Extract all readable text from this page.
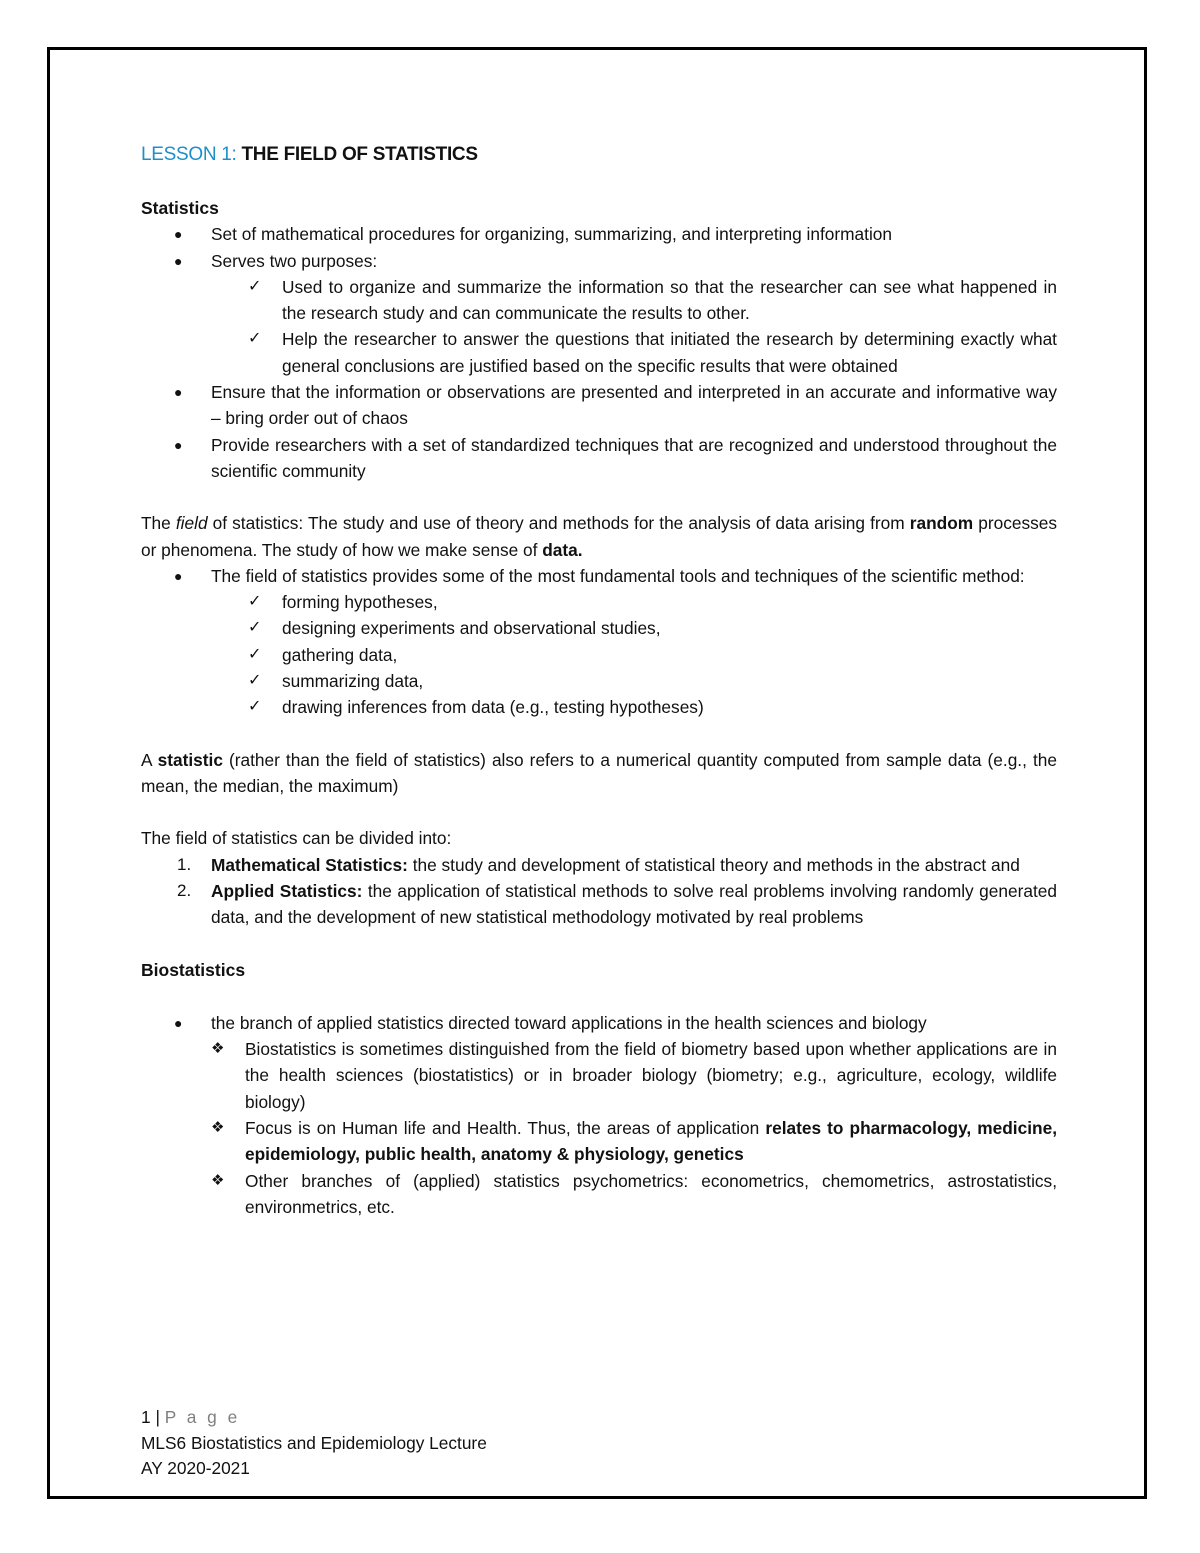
LESSON 1: THE FIELD OF STATISTICS
Statistics
● Set of mathematical procedures for organizing, summarizing, and interpreting information
● Serves two purposes:
✓ Used to organize and summarize the information so that the researcher can see what happened in the research study and can communicate the results to other.
✓ Help the researcher to answer the questions that initiated the research by determining exactly what general conclusions are justified based on the specific results that were obtained
● Ensure that the information or observations are presented and interpreted in an accurate and informative way – bring order out of chaos
● Provide researchers with a set of standardized techniques that are recognized and understood throughout the scientific community

The field of statistics: The study and use of theory and methods for the analysis of data arising from random processes or phenomena. The study of how we make sense of data.

● The field of statistics provides some of the most fundamental tools and techniques of the scientific method:
✓ forming hypotheses,
✓ designing experiments and observational studies,
✓ gathering data,
✓ summarizing data,
✓ drawing inferences from data (e.g., testing hypotheses)

A statistic (rather than the field of statistics) also refers to a numerical quantity computed from sample data (e.g., the mean, the median, the maximum)

The field of statistics can be divided into:

1. Mathematical Statistics: the study and development of statistical theory and methods in the abstract and
2. Applied Statistics: the application of statistical methods to solve real problems involving randomly generated data, and the development of new statistical methodology motivated by real problems
Biostatistics
● the branch of applied statistics directed toward applications in the health sciences and biology
❖ Biostatistics is sometimes distinguished from the field of biometry based upon whether applications are in the health sciences (biostatistics) or in broader biology (biometry; e.g., agriculture, ecology, wildlife biology)
❖ Focus is on Human life and Health. Thus, the areas of application relates to pharmacology, medicine, epidemiology, public health, anatomy & physiology, genetics
❖ Other branches of (applied) statistics psychometrics: econometrics, chemometrics, astrostatistics, environmetrics, etc.
1 | P a g e
MLS6 Biostatistics and Epidemiology Lecture
AY 2020-2021
